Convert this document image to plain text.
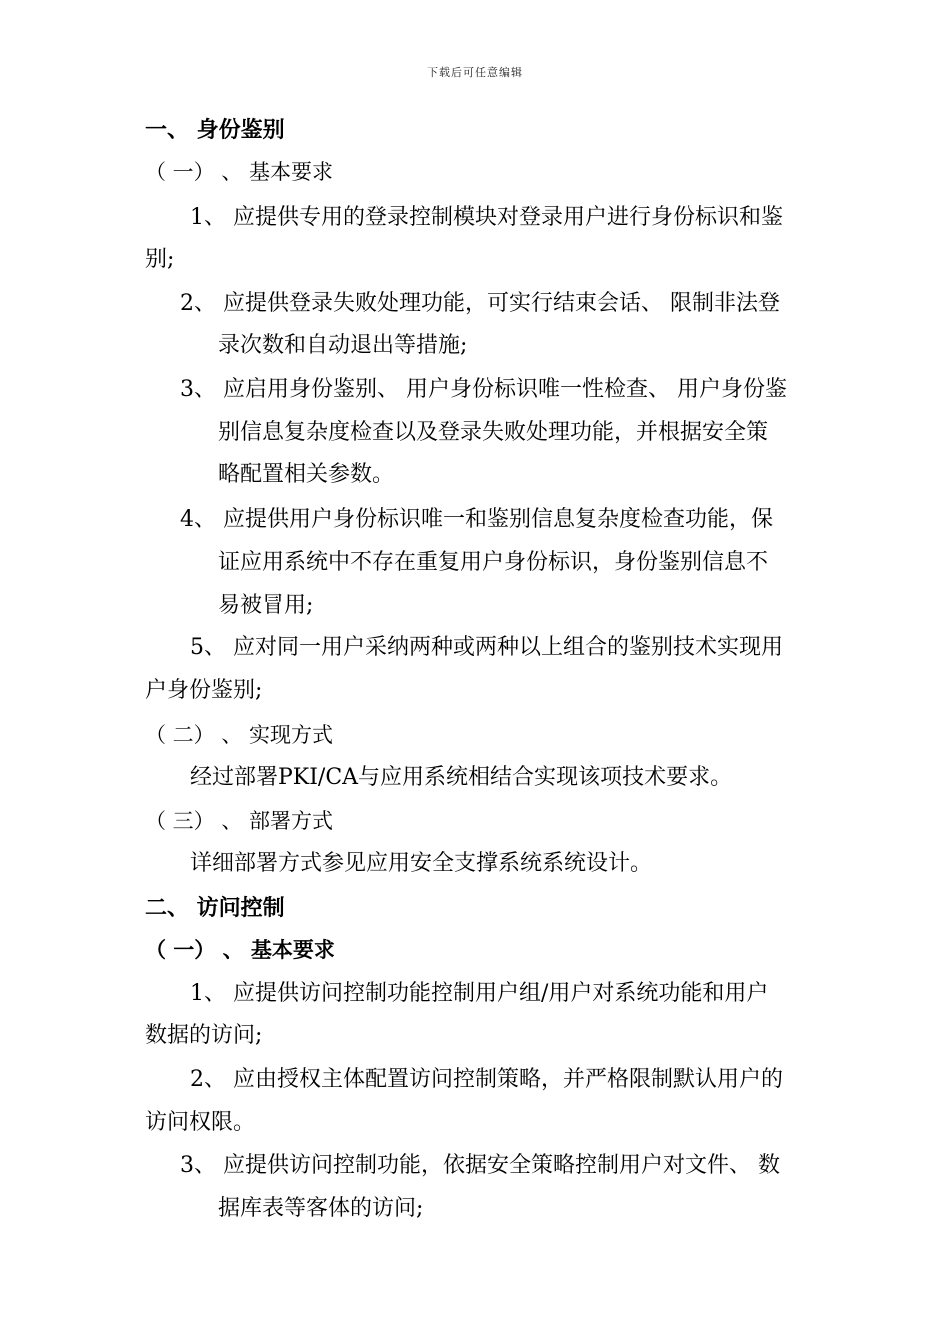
下载后可任意编辑
一、 身份鉴别
（ 一） 、 基本要求
1、 应提供专用的登录控制模块对登录用户进行身份标识和鉴
别;
2、 应提供登录失败处理功能，可实行结束会话、 限制非法登
录次数和自动退出等措施;
3、 应启用身份鉴别、 用户身份标识唯一性检查、 用户身份鉴
别信息复杂度检查以及登录失败处理功能，并根据安全策
略配置相关参数。
4、 应提供用户身份标识唯一和鉴别信息复杂度检查功能，保
证应用系统中不存在重复用户身份标识，身份鉴别信息不
易被冒用;
5、 应对同一用户采纳两种或两种以上组合的鉴别技术实现用
户身份鉴别;
（ 二） 、 实现方式
经过部署PKI/CA与应用系统相结合实现该项技术要求。
（ 三） 、 部署方式
详细部署方式参见应用安全支撑系统系统设计。
二、 访问控制
（ 一） 、 基本要求
1、 应提供访问控制功能控制用户组/用户对系统功能和用户
数据的访问;
2、 应由授权主体配置访问控制策略，并严格限制默认用户的
访问权限。
3、 应提供访问控制功能，依据安全策略控制用户对文件、 数
据库表等客体的访问;
